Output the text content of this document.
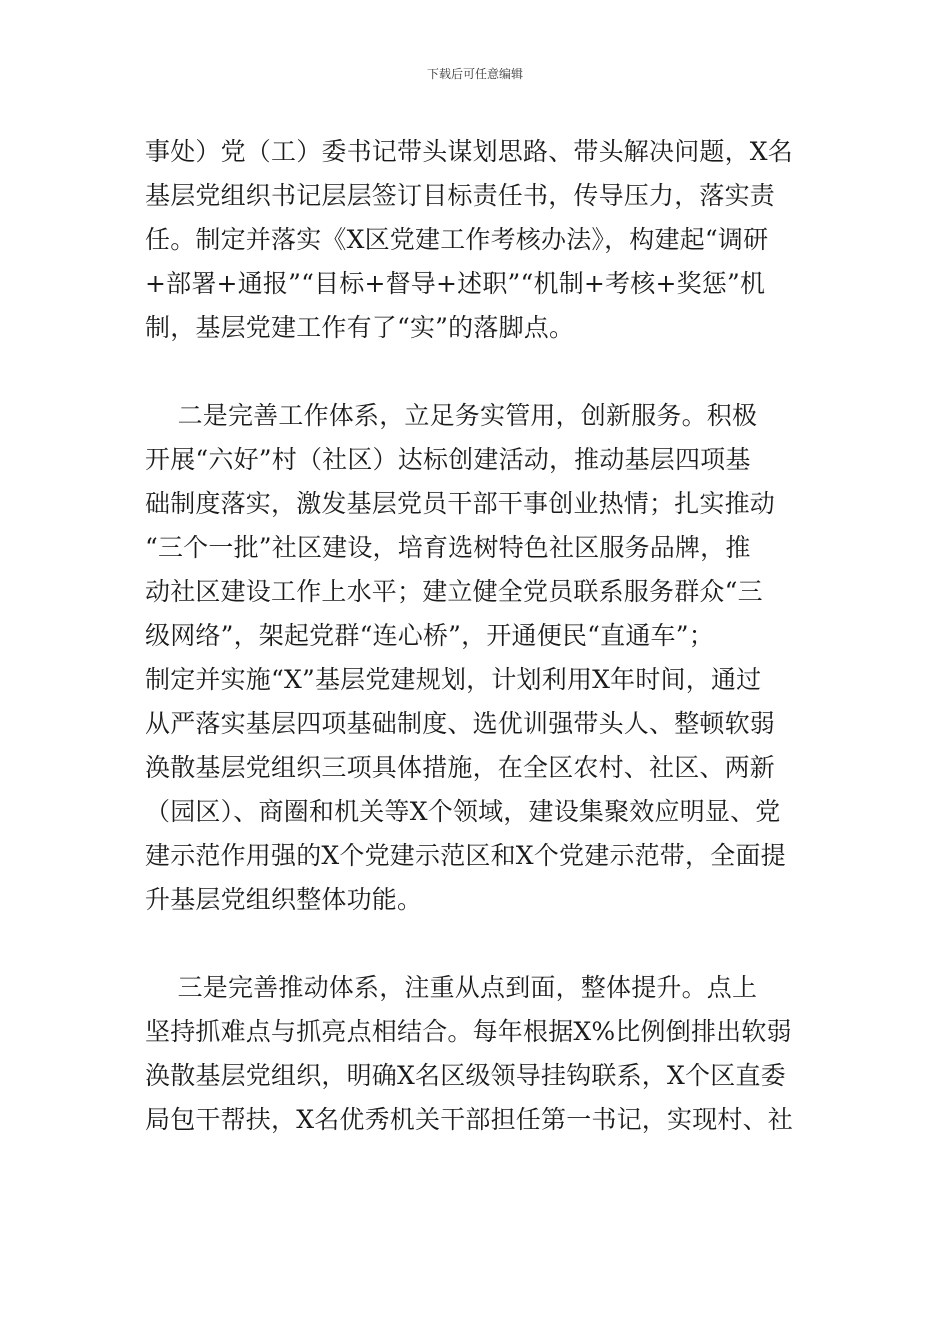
下载后可任意编辑
事处）党（工）委书记带头谋划思路、带头解决问题，X名
基层党组织书记层层签订目标责任书，传导压力，落实责
任。制定并落实《X区党建工作考核办法》，构建起“调研
+部署+通报”“目标+督导+述职”“机制+考核+奖惩”机
制，基层党建工作有了“实”的落脚点。
二是完善工作体系，立足务实管用，创新服务。积极
开展“六好”村（社区）达标创建活动，推动基层四项基
础制度落实，激发基层党员干部干事创业热情；扎实推动
“三个一批”社区建设，培育选树特色社区服务品牌，推
动社区建设工作上水平；建立健全党员联系服务群众“三
级网络”，架起党群“连心桥”，开通便民“直通车”；
制定并实施“X”基层党建规划，计划利用X年时间，通过
从严落实基层四项基础制度、选优训强带头人、整顿软弱
涣散基层党组织三项具体措施，在全区农村、社区、两新
（园区）、商圈和机关等X个领域，建设集聚效应明显、党
建示范作用强的X个党建示范区和X个党建示范带，全面提
升基层党组织整体功能。
三是完善推动体系，注重从点到面，整体提升。点上
坚持抓难点与抓亮点相结合。每年根据X%比例倒排出软弱
涣散基层党组织，明确X名区级领导挂钩联系，X个区直委
局包干帮扶，X名优秀机关干部担任第一书记，实现村、社
